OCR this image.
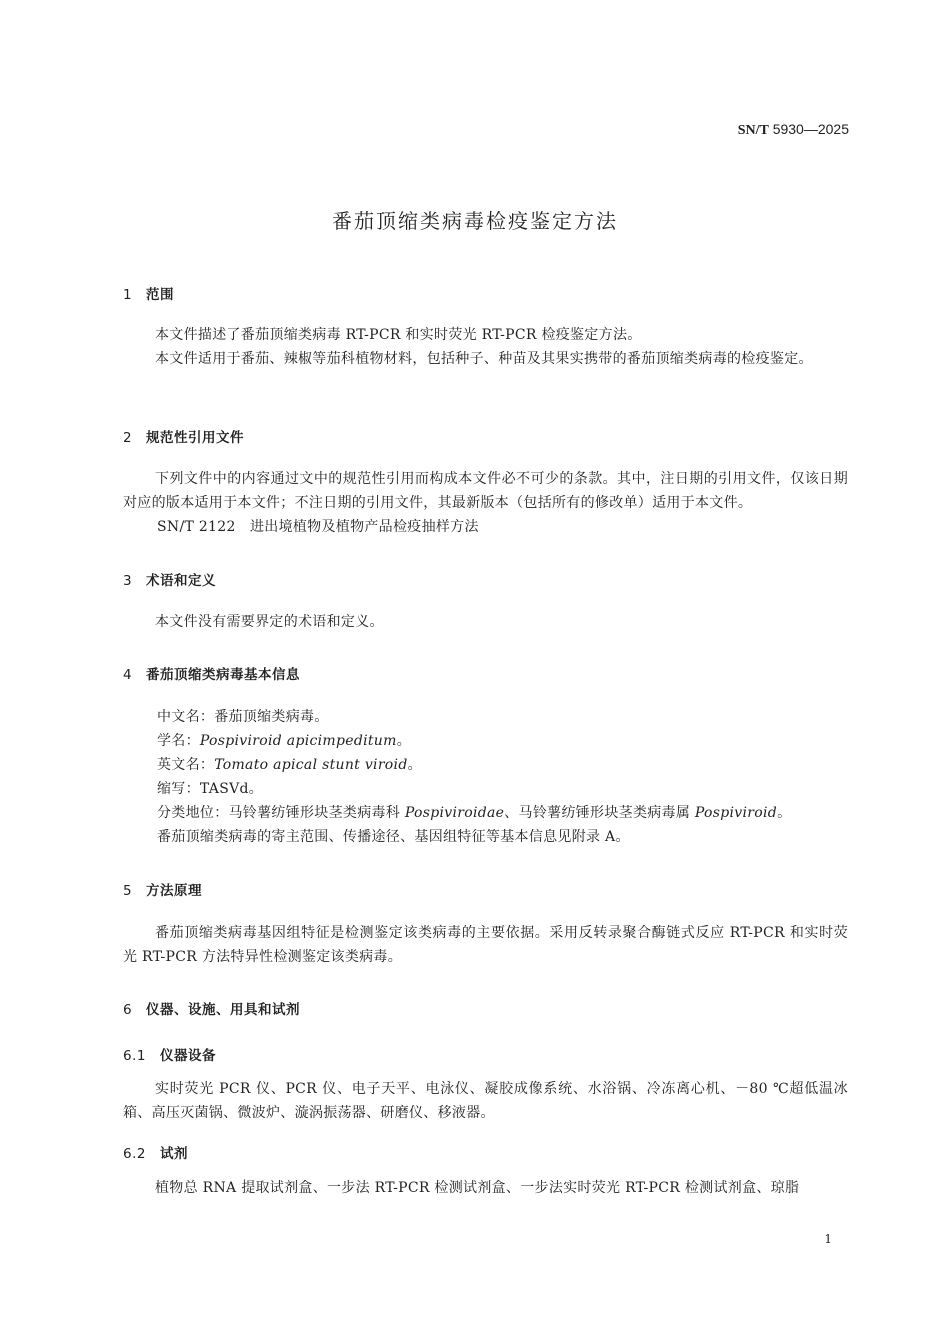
SN/T 5930—2025
番茄顶缩类病毒检疫鉴定方法
1 范围

本文件描述了番茄顶缩类病毒 RT-PCR 和实时荧光 RT-PCR 检疫鉴定方法。

本文件适用于番茄、辣椒等茄科植物材料，包括种子、种苗及其果实携带的番茄顶缩类病毒的检疫鉴定。

2 规范性引用文件

下列文件中的内容通过文中的规范性引用而构成本文件必不可少的条款。其中，注日期的引用文件，仅该日期对应的版本适用于本文件；不注日期的引用文件，其最新版本（包括所有的修改单）适用于本文件。

SN/T 2122　进出境植物及植物产品检疫抽样方法
3 术语和定义

本文件没有需要界定的术语和定义。

4 番茄顶缩类病毒基本信息
中文名：番茄顶缩类病毒。
学名：Pospiviroid apicimpeditum。
英文名：Tomato apical stunt viroid。
缩写：TASVd。
分类地位：马铃薯纺锤形块茎类病毒科 Pospiviroidae、马铃薯纺锤形块茎类病毒属 Pospiviroid。
番茄顶缩类病毒的寄主范围、传播途径、基因组特征等基本信息见附录 A。
5 方法原理

番茄顶缩类病毒基因组特征是检测鉴定该类病毒的主要依据。采用反转录聚合酶链式反应 RT-PCR 和实时荧光 RT-PCR 方法特异性检测鉴定该类病毒。

6 仪器、设施、用具和试剂
6.1 仪器设备

实时荧光 PCR 仪、PCR 仪、电子天平、电泳仪、凝胶成像系统、水浴锅、冷冻离心机、－80 ℃超低温冰箱、高压灭菌锅、微波炉、漩涡振荡器、研磨仪、移液器。

6.2 试剂

植物总 RNA 提取试剂盒、一步法 RT-PCR 检测试剂盒、一步法实时荧光 RT-PCR 检测试剂盒、琼脂

1
